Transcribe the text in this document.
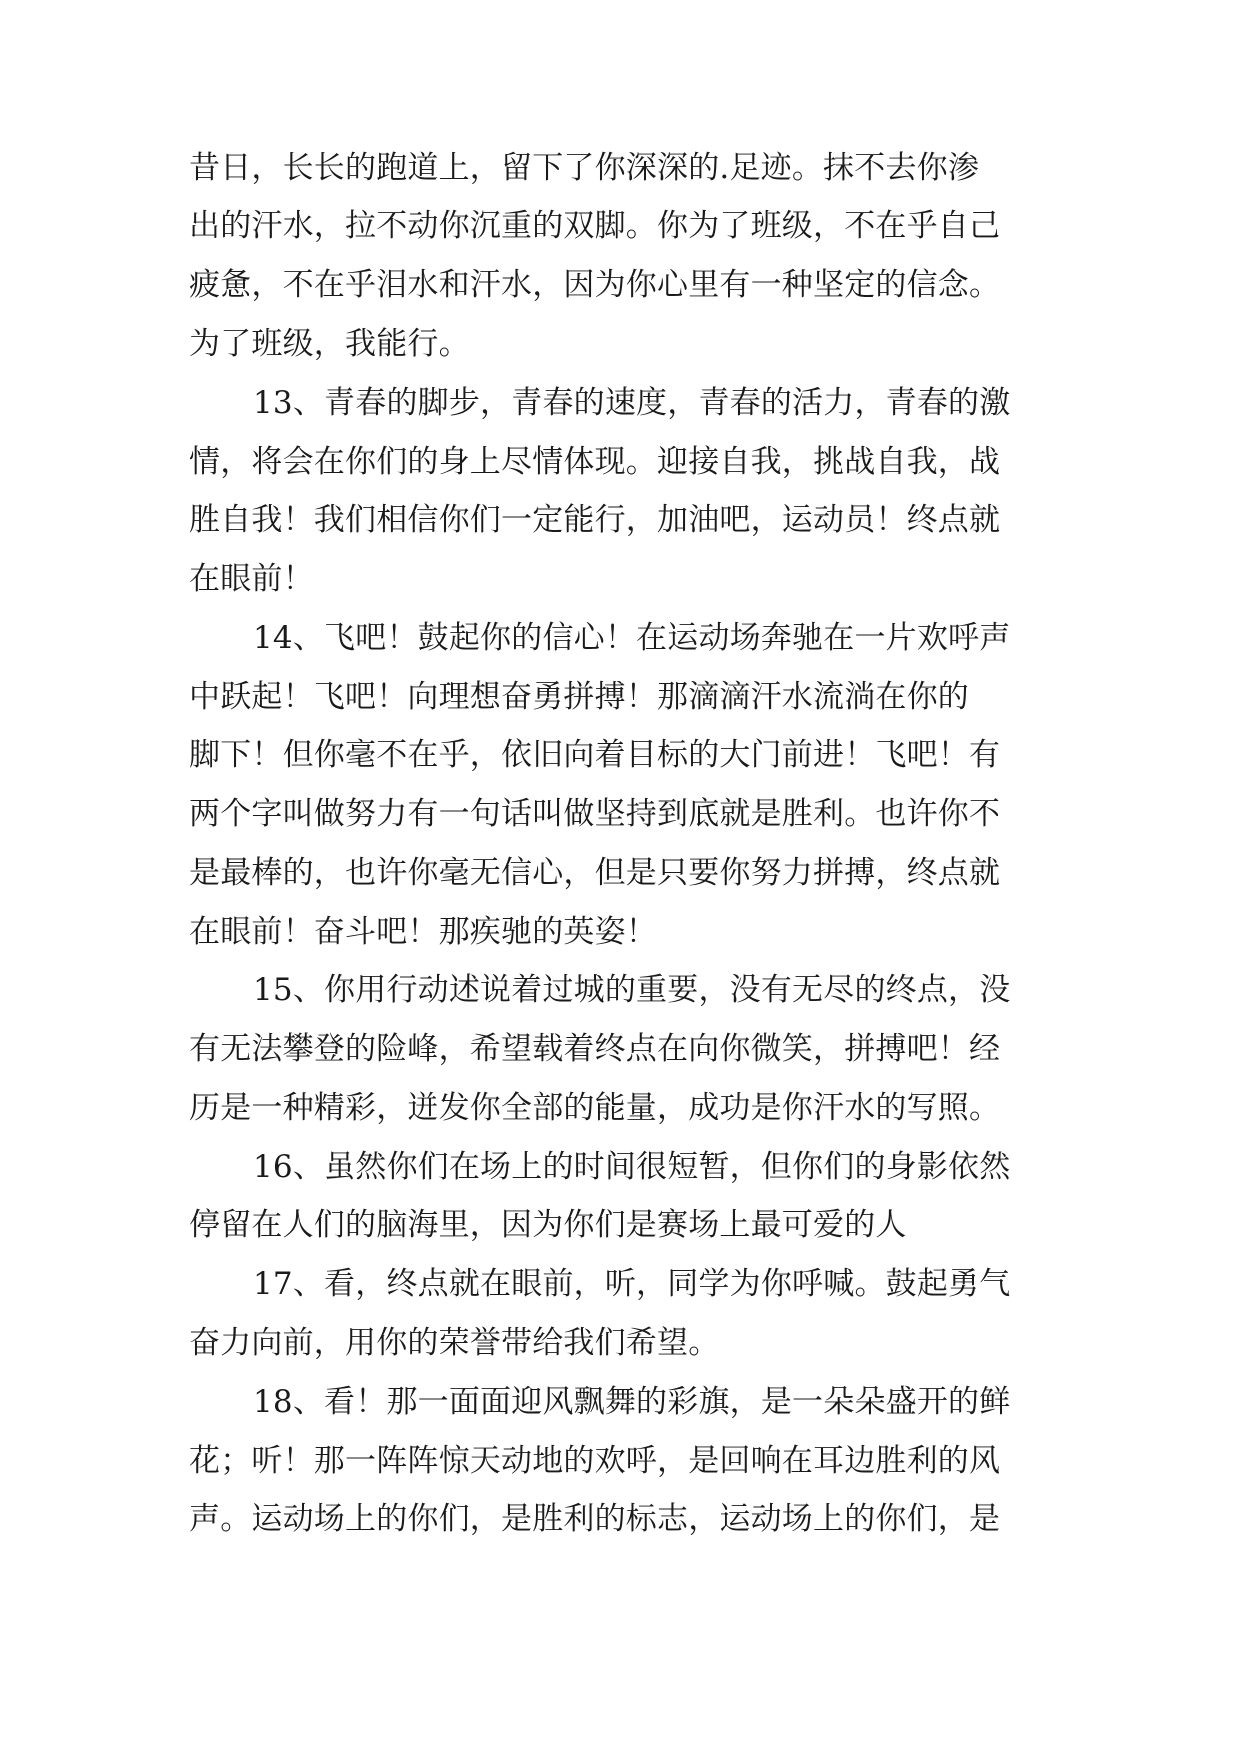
昔日，长长的跑道上，留下了你深深的.足迹。抹不去你渗
出的汗水，拉不动你沉重的双脚。你为了班级，不在乎自己
疲惫，不在乎泪水和汗水，因为你心里有一种坚定的信念。
为了班级，我能行。
13、青春的脚步，青春的速度，青春的活力，青春的激
情，将会在你们的身上尽情体现。迎接自我，挑战自我，战
胜自我！我们相信你们一定能行，加油吧，运动员！终点就
在眼前！
14、飞吧！鼓起你的信心！在运动场奔驰在一片欢呼声
中跃起！飞吧！向理想奋勇拼搏！那滴滴汗水流淌在你的
脚下！但你毫不在乎，依旧向着目标的大门前进！飞吧！有
两个字叫做努力有一句话叫做坚持到底就是胜利。也许你不
是最棒的，也许你毫无信心，但是只要你努力拼搏，终点就
在眼前！奋斗吧！那疾驰的英姿！
15、你用行动述说着过城的重要，没有无尽的终点，没
有无法攀登的险峰，希望载着终点在向你微笑，拼搏吧！经
历是一种精彩，迸发你全部的能量，成功是你汗水的写照。
16、虽然你们在场上的时间很短暂，但你们的身影依然
停留在人们的脑海里，因为你们是赛场上最可爱的人
17、看，终点就在眼前，听，同学为你呼喊。鼓起勇气
奋力向前，用你的荣誉带给我们希望。
18、看！那一面面迎风飘舞的彩旗，是一朵朵盛开的鲜
花；听！那一阵阵惊天动地的欢呼，是回响在耳边胜利的风
声。运动场上的你们，是胜利的标志，运动场上的你们，是
